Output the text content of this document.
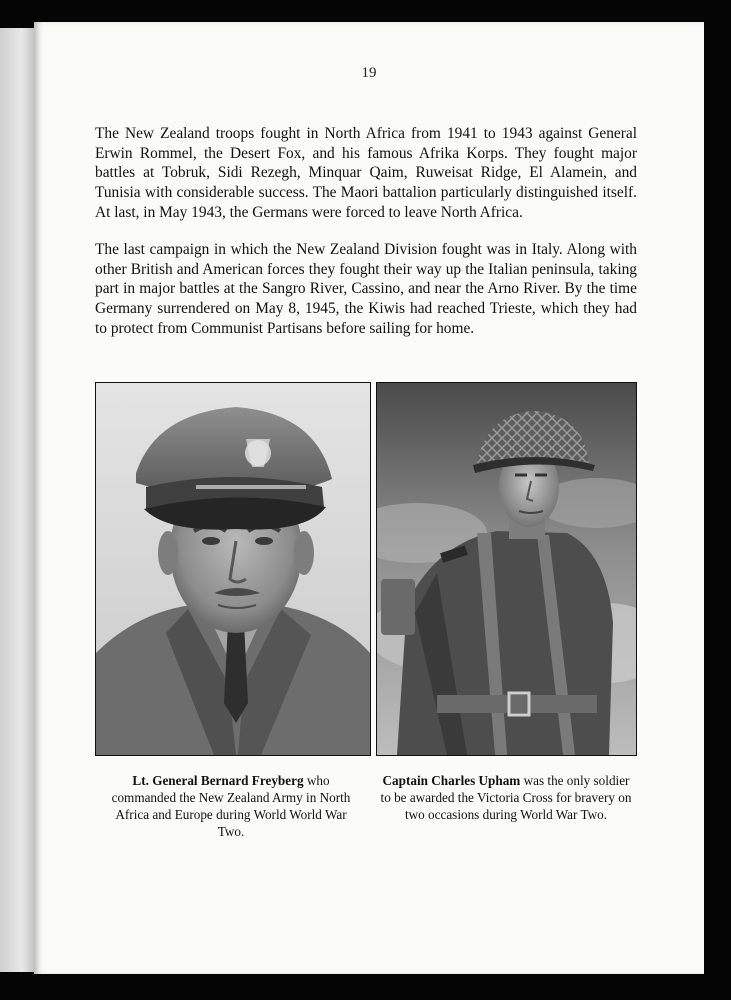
19

The New Zealand troops fought in North Africa from 1941 to 1943 against General Erwin Rommel, the Desert Fox, and his famous Afrika Korps. They fought major battles at Tobruk, Sidi Rezegh, Minquar Qaim, Ruweisat Ridge, El Alamein, and Tunisia with considerable success. The Maori battalion particularly distinguished itself. At last, in May 1943, the Germans were forced to leave North Africa.

The last campaign in which the New Zealand Division fought was in Italy. Along with other British and American forces they fought their way up the Italian peninsula, taking part in major battles at the Sangro River, Cassino, and near the Arno River. By the time Germany surrendered on May 8, 1945, the Kiwis had reached Trieste, which they had to protect from Communist Partisans before sailing for home.

Lt. General Bernard Freyberg who commanded the New Zealand Army in North Africa and Europe during World World War Two.
Captain Charles Upham was the only soldier to be awarded the Victoria Cross for bravery on two occasions during World War Two.
